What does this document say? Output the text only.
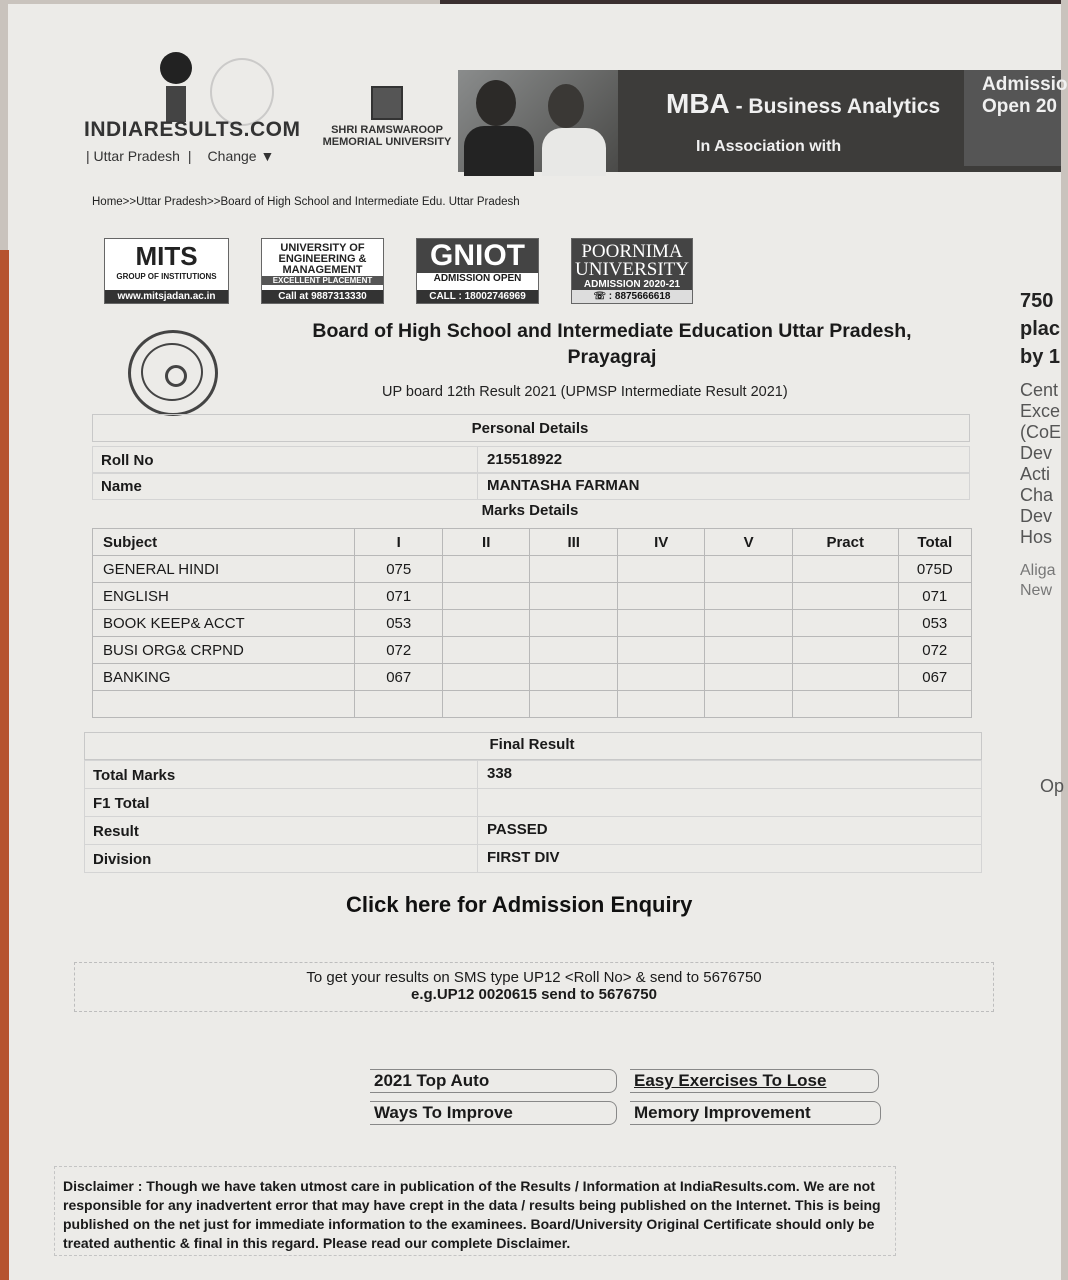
INDIARESULTS.COM
| Uttar Pradesh | Change ▼
SHRI RAMSWAROOP MEMORIAL UNIVERSITY
MBA - Business Analytics
In Association with
Admissio
Open 20
Home>>Uttar Pradesh>>Board of High School and Intermediate Edu. Uttar Pradesh
MITS
GROUP OF INSTITUTIONS
www.mitsjadan.ac.in
UNIVERSITY OF ENGINEERING & MANAGEMENT
EXCELLENT PLACEMENT
Call at 9887313330
GNIOT
ADMISSION OPEN
CALL : 18002746969
POORNIMA UNIVERSITY
ADMISSION 2020-21
☏ : 8875666618
Board of High School and Intermediate Education Uttar Pradesh,
Prayagraj
UP board 12th Result 2021 (UPMSP Intermediate Result 2021)
Personal Details
Roll No	215518922
Name	MANTASHA FARMAN
Marks Details
Subject	I	II	III	IV	V	Pract	Total
GENERAL HINDI	075						075D
ENGLISH	071						071
BOOK KEEP& ACCT	053						053
BUSI ORG& CRPND	072						072
BANKING	067						067

Final Result
Total Marks	338
F1 Total
Result	PASSED
Division	FIRST DIV
Click here for Admission Enquiry
To get your results on SMS type UP12 <Roll No> & send to 5676750
e.g.UP12 0020615 send to 5676750
2021 Top Auto	Easy Exercises To Lose
Ways To Improve	Memory Improvement
Disclaimer : Though we have taken utmost care in publication of the Results / Information at IndiaResults.com. We are not responsible for any inadvertent error that may have crept in the data / results being published on the Internet. This is being published on the net just for immediate information to the examinees. Board/University Original Certificate should only be treated authentic & final in this regard. Please read our complete Disclaimer.
750
plac
by 1
Cent
Exce
(CoE
Dev
Acti
Cha
Dev
Hos
Aliga
New
Op
